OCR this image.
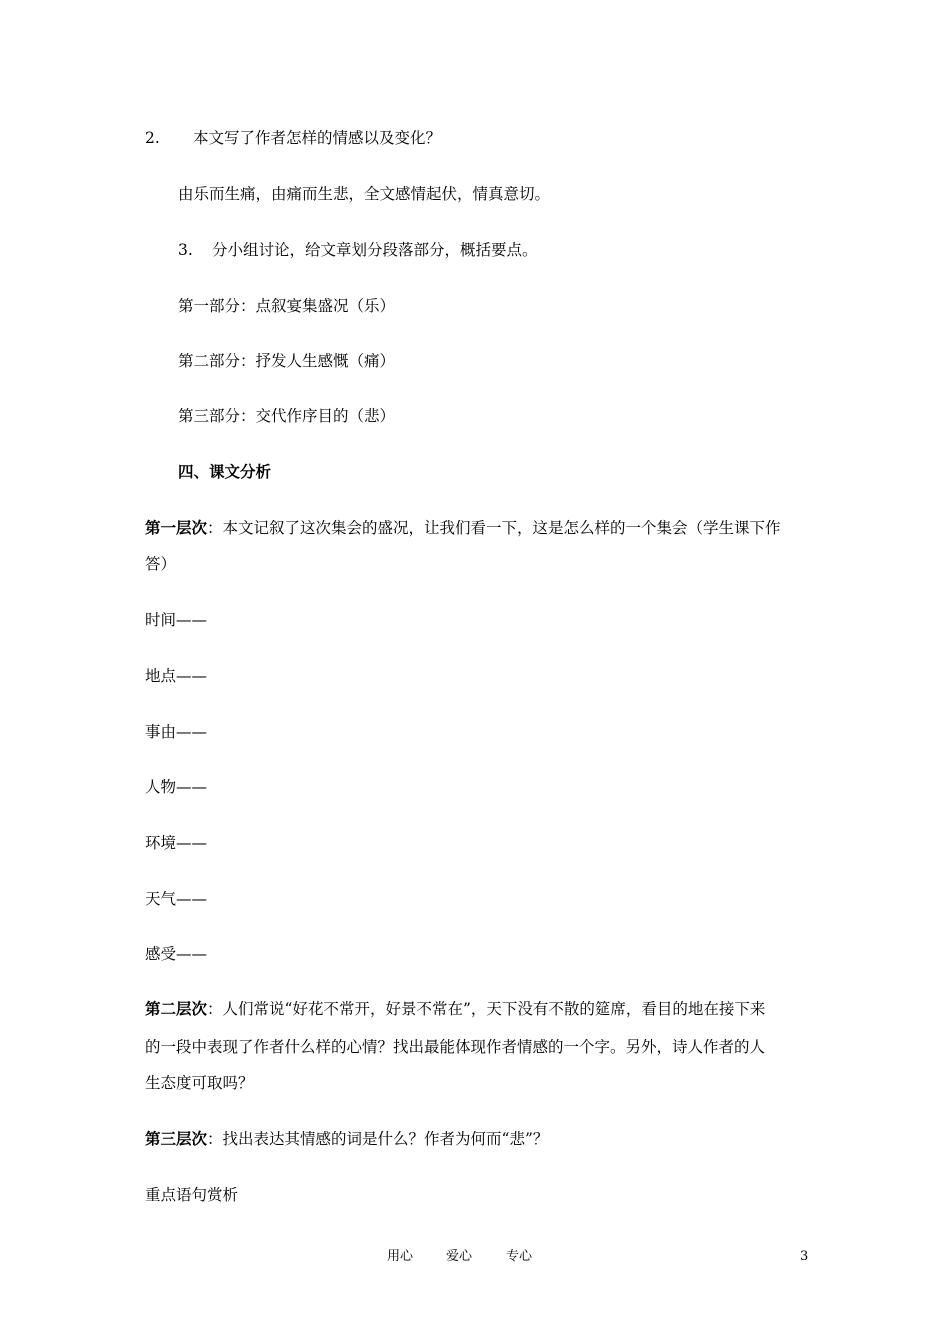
2. 本文写了作者怎样的情感以及变化？
由乐而生痛，由痛而生悲，全文感情起伏，情真意切。
3. 分小组讨论，给文章划分段落部分，概括要点。
第一部分：点叙宴集盛况（乐）
第二部分：抒发人生感慨（痛）
第三部分：交代作序目的（悲）
四、课文分析
第一层次：本文记叙了这次集会的盛况，让我们看一下，这是怎么样的一个集会（学生课下作
答）
时间——
地点——
事由——
人物——
环境——
天气——
感受——
第二层次：人们常说“好花不常开，好景不常在”，天下没有不散的筵席，看目的地在接下来
的一段中表现了作者什么样的心情？找出最能体现作者情感的一个字。另外，诗人作者的人
生态度可取吗？
第三层次：找出表达其情感的词是什么？作者为何而“悲”？
重点语句赏析
用心	爱心	专心	3
